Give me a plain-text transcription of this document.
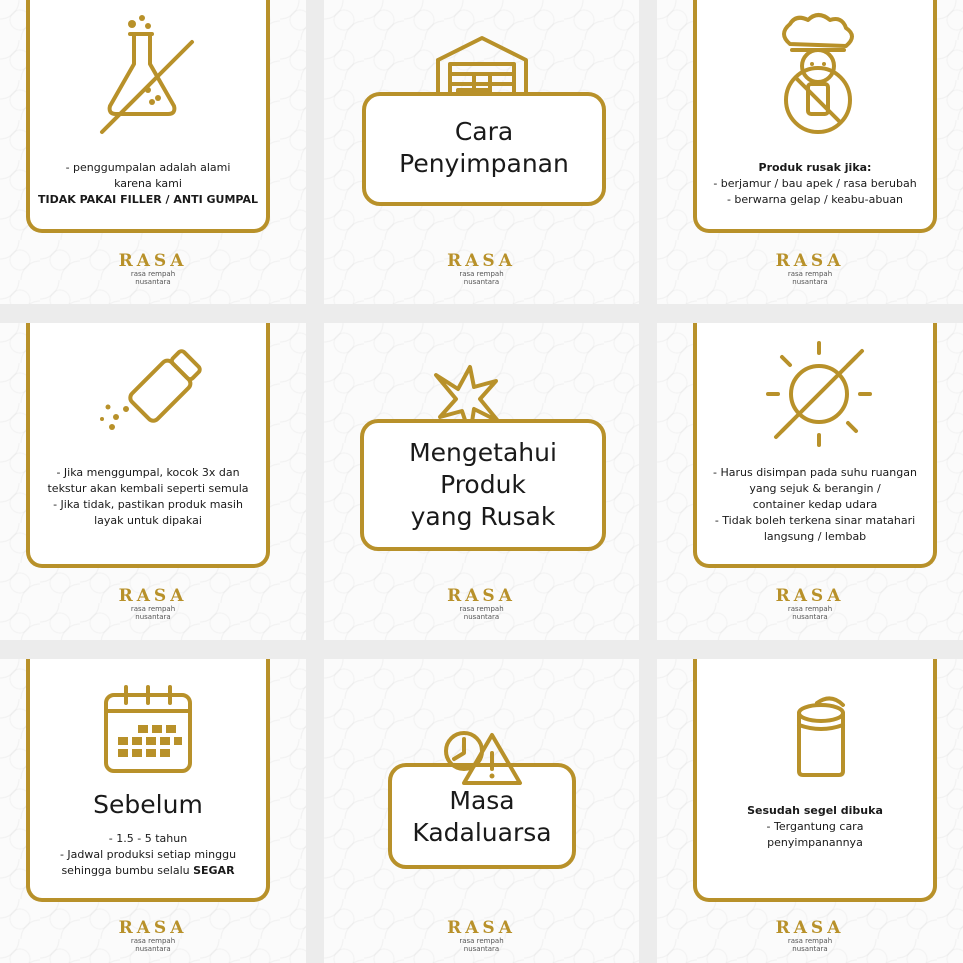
- penggumpalan adalah alami
karena kami
TIDAK PAKAI FILLER / ANTI GUMPAL
RASA
rasa rempah
nusantara
Cara
Penyimpanan
RASA
rasa rempah
nusantara
Produk rusak jika:
- berjamur / bau apek / rasa berubah
- berwarna gelap / keabu-abuan
RASA
rasa rempah
nusantara
- Jika menggumpal, kocok 3x dan
tekstur akan kembali seperti semula
- Jika tidak, pastikan produk masih
layak untuk dipakai
RASA
rasa rempah
nusantara
Mengetahui
Produk
yang Rusak
RASA
rasa rempah
nusantara
- Harus disimpan pada suhu ruangan
yang sejuk & berangin /
container kedap udara
- Tidak boleh terkena sinar matahari
langsung / lembab
RASA
rasa rempah
nusantara
Sebelum
- 1.5 - 5 tahun
- Jadwal produksi setiap minggu
sehingga bumbu selalu SEGAR
RASA
rasa rempah
nusantara
Masa
Kadaluarsa
RASA
rasa rempah
nusantara
Sesudah segel dibuka
- Tergantung cara
penyimpanannya
RASA
rasa rempah
nusantara
